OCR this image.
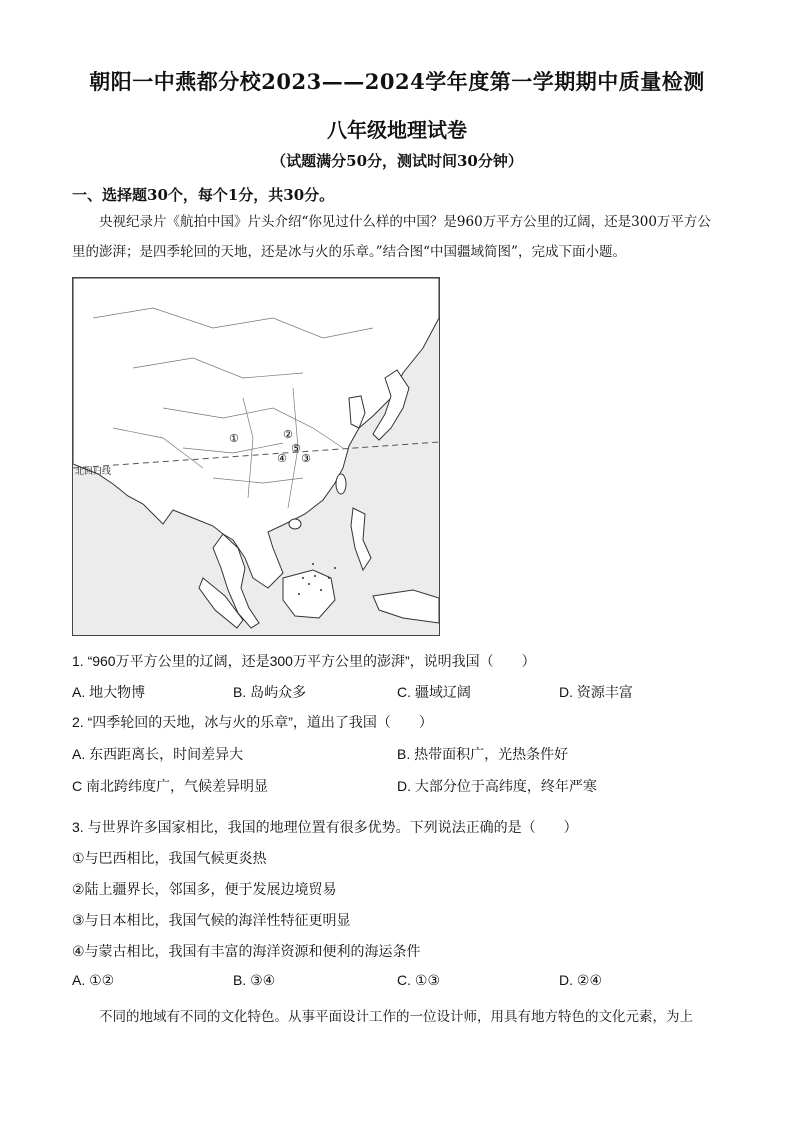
朝阳一中燕都分校2023——2024学年度第一学期期中质量检测
八年级地理试卷
（试题满分50分，测试时间30分钟）
一、选择题30个，每个1分，共30分。
央视纪录片《航拍中国》片头介绍“你见过什么样的中国？是960万平方公里的辽阔，还是300万平方公里的澎湃；是四季轮回的天地，还是冰与火的乐章。”结合图“中国疆域简图”，完成下面小题。
北回归线
①	②
③
④
⑤
1. “960万平方公里的辽阔，还是300万平方公里的澎湃”，说明我国（　　）
A. 地大物博	B. 岛屿众多	C. 疆域辽阔	D. 资源丰富
2. “四季轮回的天地，冰与火的乐章”，道出了我国（　　）
A. 东西距离长，时间差异大	B. 热带面积广，光热条件好
C 南北跨纬度广，气候差异明显	D. 大部分位于高纬度，终年严寒
3. 与世界许多国家相比，我国的地理位置有很多优势。下列说法正确的是（　　）
①与巴西相比，我国气候更炎热
②陆上疆界长，邻国多，便于发展边境贸易
③与日本相比，我国气候的海洋性特征更明显
④与蒙古相比，我国有丰富的海洋资源和便利的海运条件
A. ①②	B. ③④	C. ①③	D. ②④
不同的地域有不同的文化特色。从事平面设计工作的一位设计师，用具有地方特色的文化元素，为上
